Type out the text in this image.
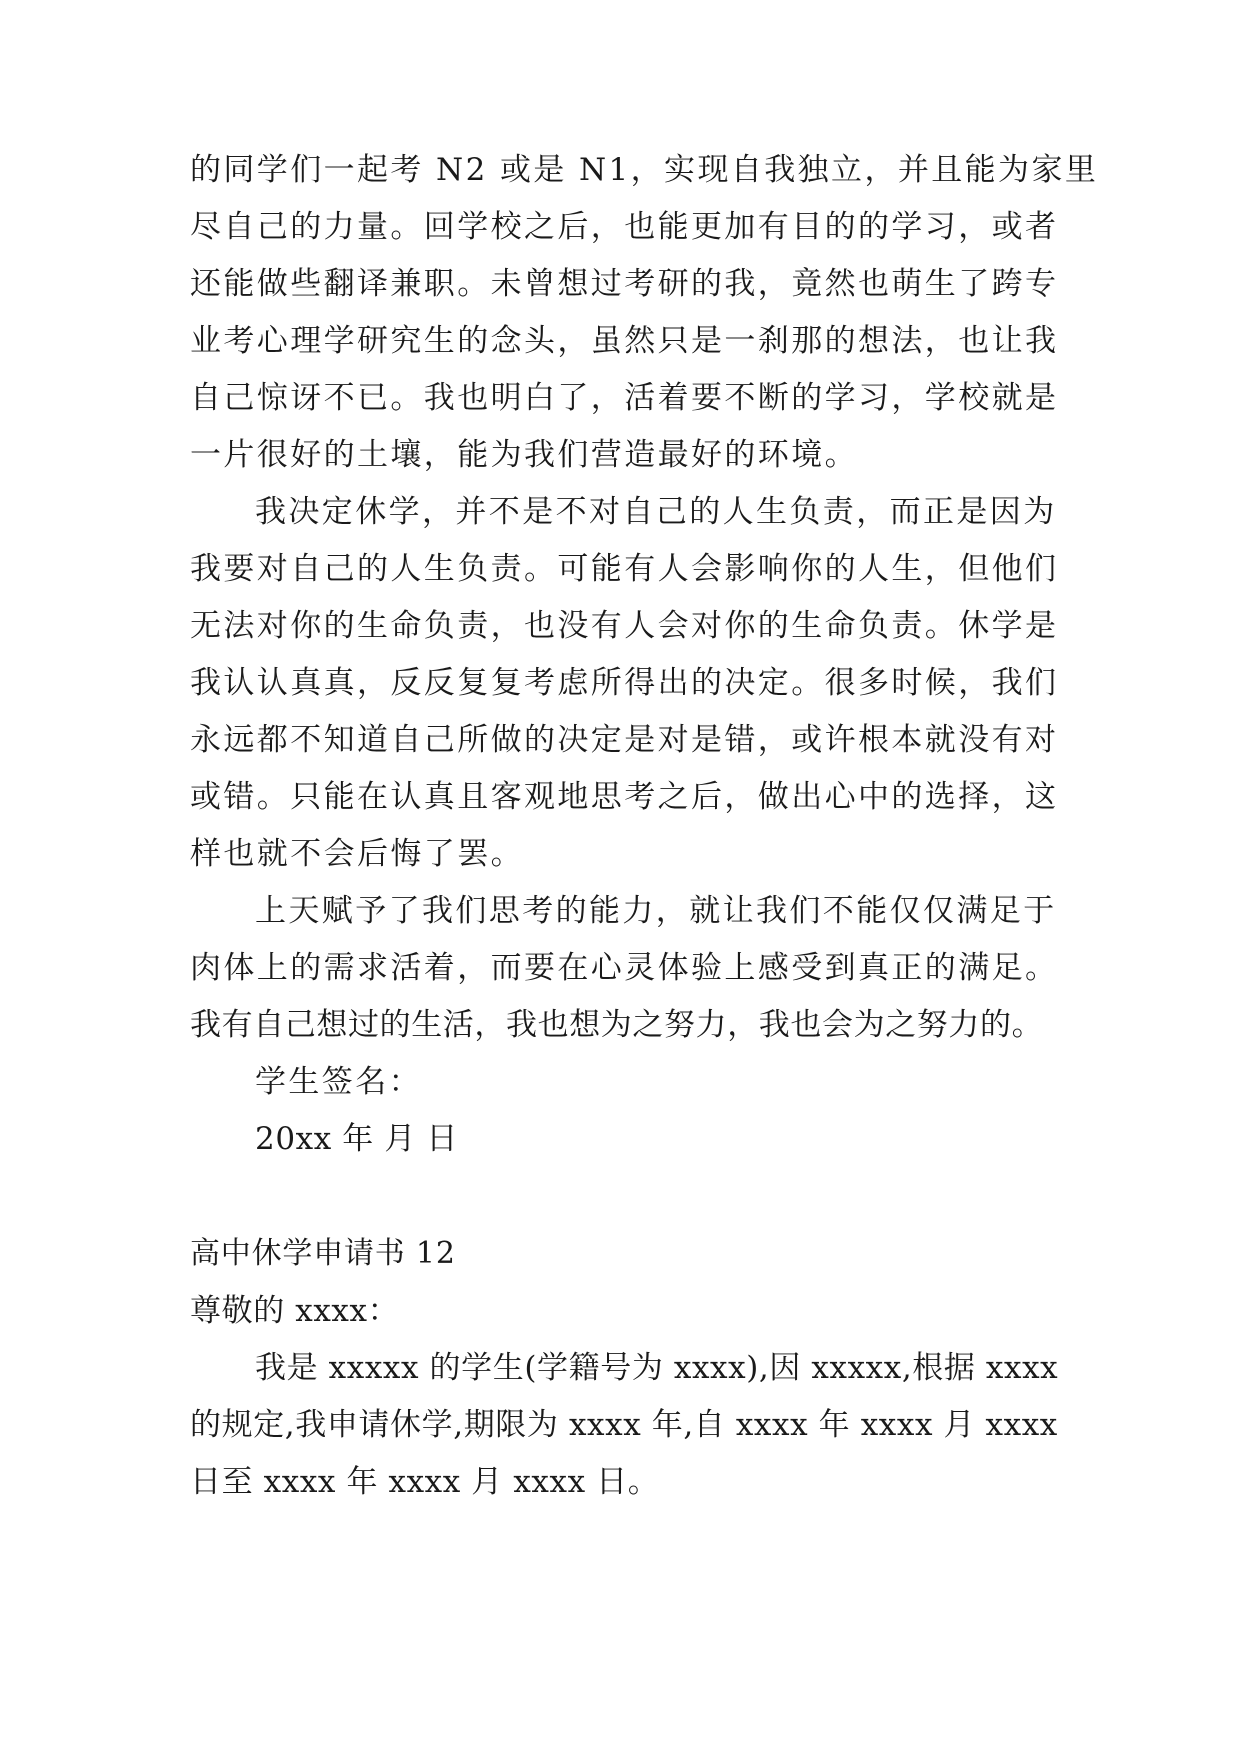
的同学们一起考 N2 或是 N1，实现自我独立，并且能为家里
尽自己的力量。回学校之后，也能更加有目的的学习，或者
还能做些翻译兼职。未曾想过考研的我，竟然也萌生了跨专
业考心理学研究生的念头，虽然只是一刹那的想法，也让我
自己惊讶不已。我也明白了，活着要不断的学习，学校就是
一片很好的土壤，能为我们营造最好的环境。
我决定休学，并不是不对自己的人生负责，而正是因为
我要对自己的人生负责。可能有人会影响你的人生，但他们
无法对你的生命负责，也没有人会对你的生命负责。休学是
我认认真真，反反复复考虑所得出的决定。很多时候，我们
永远都不知道自己所做的决定是对是错，或许根本就没有对
或错。只能在认真且客观地思考之后，做出心中的选择，这
样也就不会后悔了罢。
上天赋予了我们思考的能力，就让我们不能仅仅满足于
肉体上的需求活着，而要在心灵体验上感受到真正的满足。
我有自己想过的生活，我也想为之努力，我也会为之努力的。
学生签名：
20xx 年 月 日
高中休学申请书 12
尊敬的 xxxx：
我是 xxxxx 的学生(学籍号为 xxxx),因 xxxxx,根据 xxxx
的规定,我申请休学,期限为 xxxx 年,自 xxxx 年 xxxx 月 xxxx
日至 xxxx 年 xxxx 月 xxxx 日。
